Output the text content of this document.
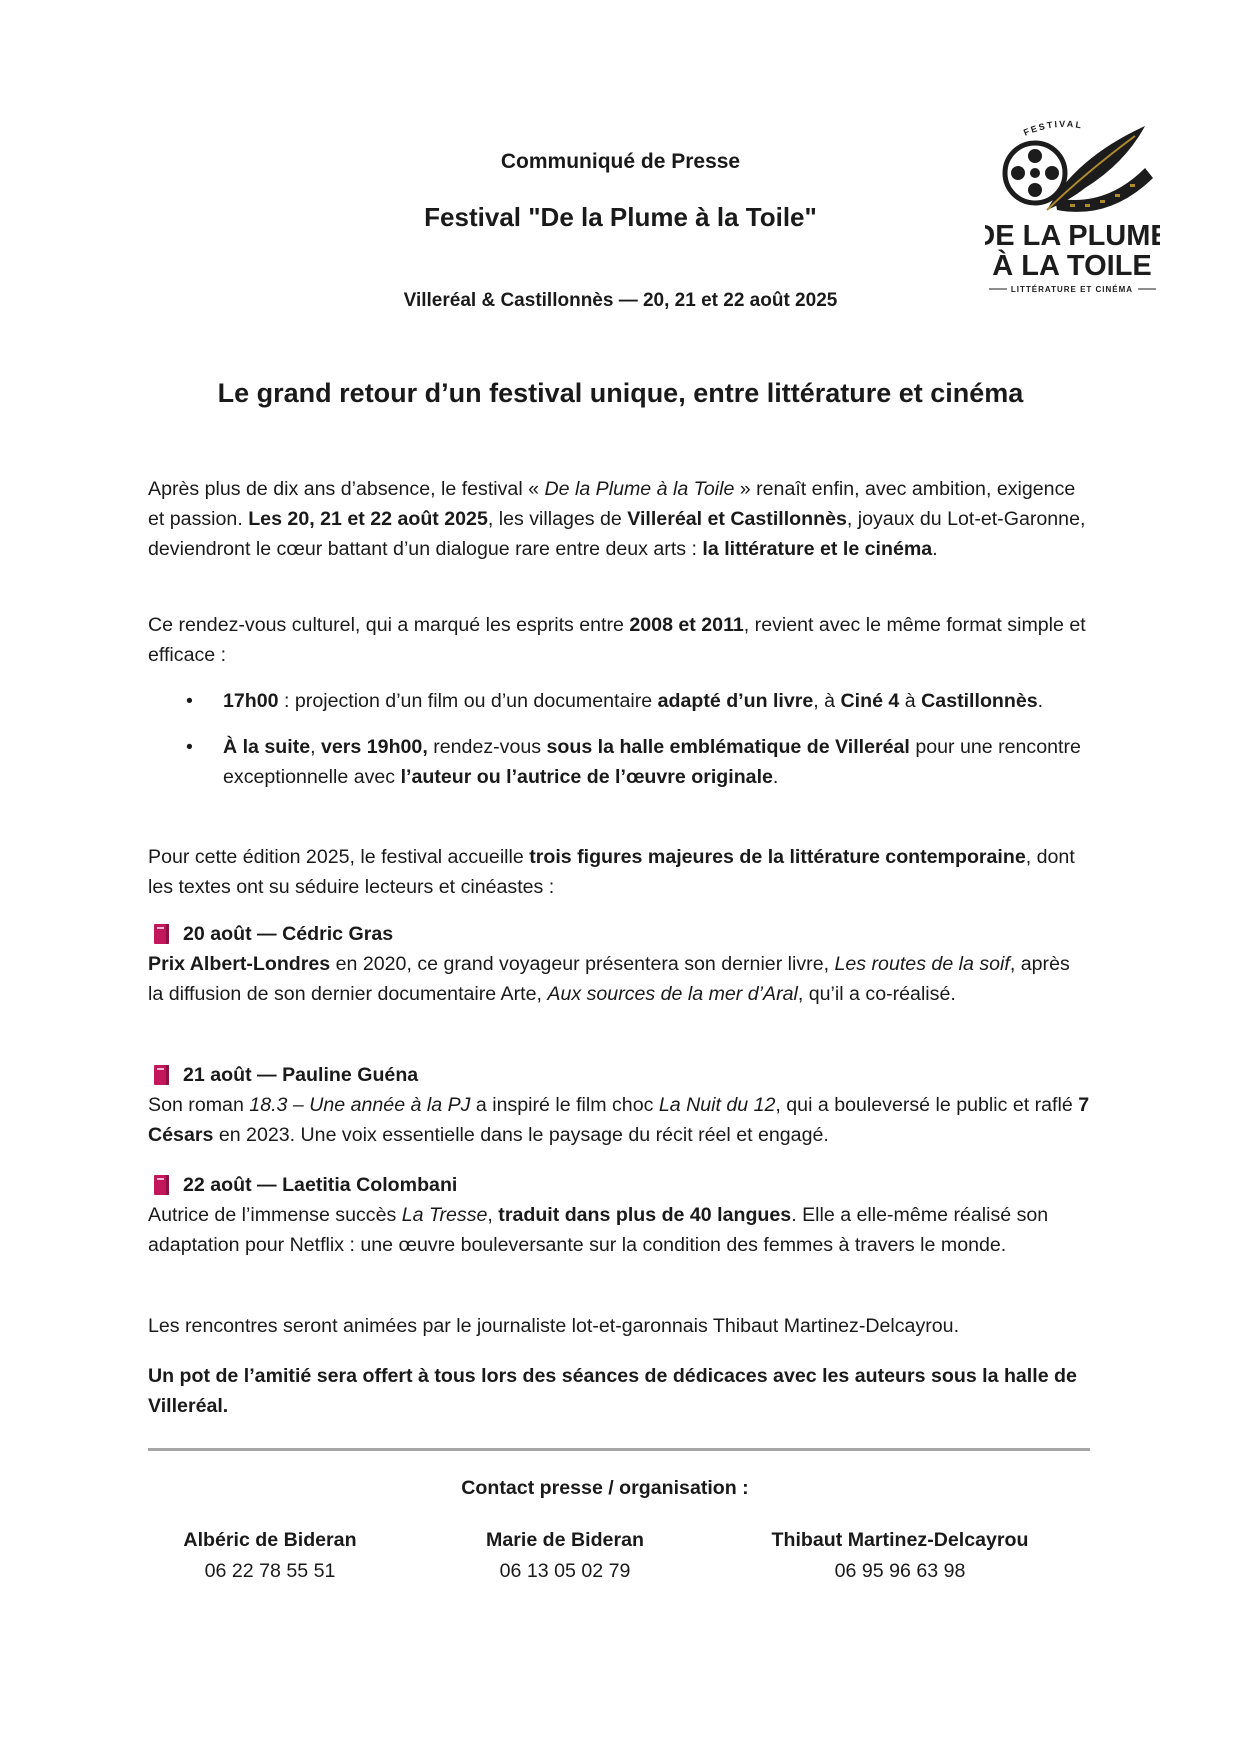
Communiqué de Presse
Festival "De la Plume à la Toile"
Villeréal & Castillonnès — 20, 21 et 22 août 2025
FESTIVAL
E LA PLUME
À LA TOILE
LITTÉRATURE ET CINÉMA
Le grand retour d’un festival unique, entre littérature et cinéma

Après plus de dix ans d’absence, le festival « De la Plume à la Toile » renaît enfin, avec ambition, exigence et passion. Les 20, 21 et 22 août 2025, les villages de Villeréal et Castillonnès, joyaux du Lot-et-Garonne, deviendront le cœur battant d’un dialogue rare entre deux arts : la littérature et le cinéma.

Ce rendez-vous culturel, qui a marqué les esprits entre 2008 et 2011, revient avec le même format simple et efficace :

• 17h00 : projection d’un film ou d’un documentaire adapté d’un livre, à Ciné 4 à Castillonnès.
• À la suite, vers 19h00, rendez-vous sous la halle emblématique de Villeréal pour une rencontre exceptionnelle avec l’auteur ou l’autrice de l’œuvre originale.

Pour cette édition 2025, le festival accueille trois figures majeures de la littérature contemporaine, dont les textes ont su séduire lecteurs et cinéastes :

20 août — Cédric Gras

Prix Albert-Londres en 2020, ce grand voyageur présentera son dernier livre, Les routes de la soif, après la diffusion de son dernier documentaire Arte, Aux sources de la mer d’Aral, qu’il a co-réalisé.

21 août — Pauline Guéna

Son roman 18.3 – Une année à la PJ a inspiré le film choc La Nuit du 12, qui a bouleversé le public et raflé 7 Césars en 2023. Une voix essentielle dans le paysage du récit réel et engagé.

22 août — Laetitia Colombani

Autrice de l’immense succès La Tresse, traduit dans plus de 40 langues. Elle a elle-même réalisé son adaptation pour Netflix : une œuvre bouleversante sur la condition des femmes à travers le monde.

Les rencontres seront animées par le journaliste lot-et-garonnais Thibaut Martinez-Delcayrou.
Un pot de l’amitié sera offert à tous lors des séances de dédicaces avec les auteurs sous la halle de Villeréal.
Contact presse / organisation :
Albéric de Bideran
06 22 78 55 51
Marie de Bideran
06 13 05 02 79
Thibaut Martinez-Delcayrou
06 95 96 63 98
